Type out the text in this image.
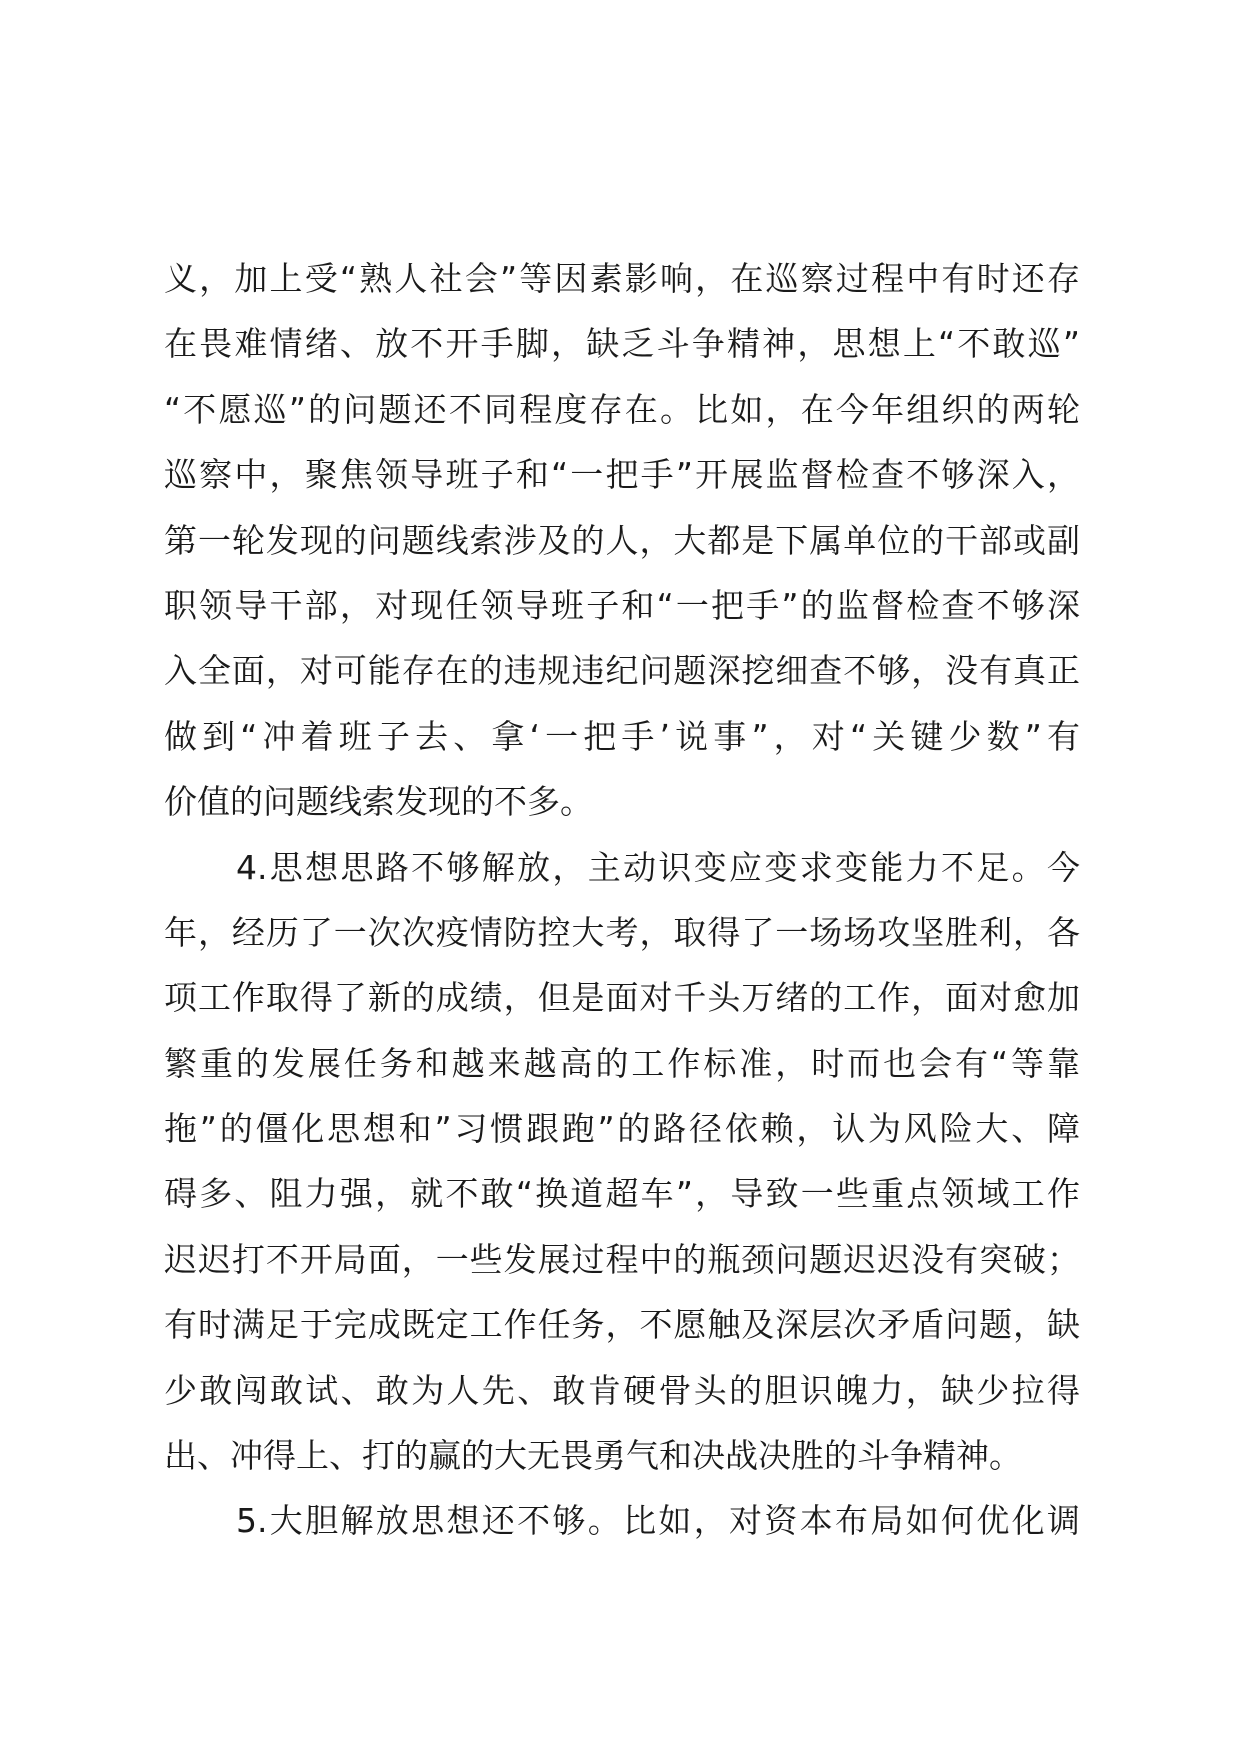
义，加上受“熟人社会”等因素影响，在巡察过程中有时还存
在畏难情绪、放不开手脚，缺乏斗争精神，思想上“不敢巡”
“不愿巡”的问题还不同程度存在。比如，在今年组织的两轮
巡察中，聚焦领导班子和“一把手”开展监督检查不够深入，
第一轮发现的问题线索涉及的人，大都是下属单位的干部或副
职领导干部，对现任领导班子和“一把手”的监督检查不够深
入全面，对可能存在的违规违纪问题深挖细查不够，没有真正
做到“冲着班子去、拿‘一把手’说事”，对“关键少数”有
价值的问题线索发现的不多。
4.思想思路不够解放，主动识变应变求变能力不足。今
年，经历了一次次疫情防控大考，取得了一场场攻坚胜利，各
项工作取得了新的成绩，但是面对千头万绪的工作，面对愈加
繁重的发展任务和越来越高的工作标准，时而也会有“等靠
拖”的僵化思想和”习惯跟跑”的路径依赖，认为风险大、障
碍多、阻力强，就不敢“换道超车”，导致一些重点领域工作
迟迟打不开局面，一些发展过程中的瓶颈问题迟迟没有突破；
有时满足于完成既定工作任务，不愿触及深层次矛盾问题，缺
少敢闯敢试、敢为人先、敢肯硬骨头的胆识魄力，缺少拉得
出、冲得上、打的赢的大无畏勇气和决战决胜的斗争精神。
5.大胆解放思想还不够。比如，对资本布局如何优化调
